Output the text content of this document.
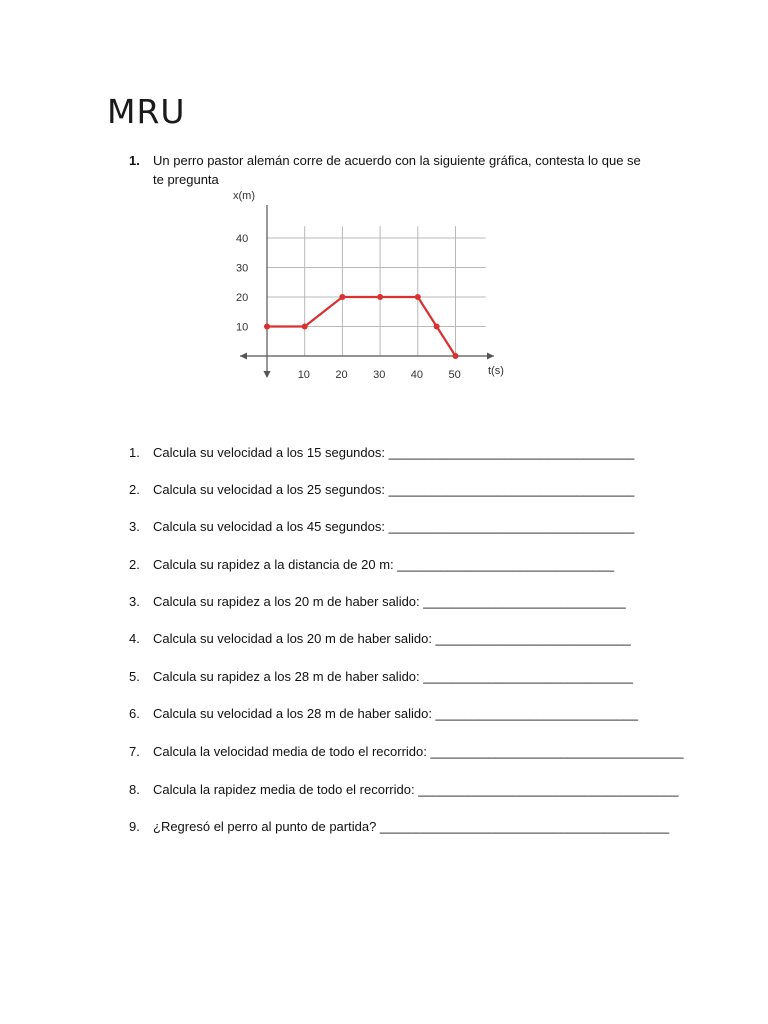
MRU
1. Un perro pastor alemán corre de acuerdo con la siguiente gráfica, contesta lo que se te pregunta
10
20
30
40
10 20 30 40 50
x(m)
t(s)
1. Calcula su velocidad a los 15 segundos: __________________________________
2. Calcula su velocidad a los 25 segundos: __________________________________
3. Calcula su velocidad a los 45 segundos: __________________________________
2. Calcula su rapidez a la distancia de 20 m: ______________________________
3. Calcula su rapidez a los 20 m de haber salido: ____________________________
4. Calcula su velocidad a los 20 m de haber salido: ___________________________
5. Calcula su rapidez a los 28 m de haber salido: _____________________________
6. Calcula su velocidad a los 28 m de haber salido: ____________________________
7. Calcula la velocidad media de todo el recorrido: ___________________________________
8. Calcula la rapidez media de todo el recorrido: ____________________________________
9. ¿Regresó el perro al punto de partida? ________________________________________
